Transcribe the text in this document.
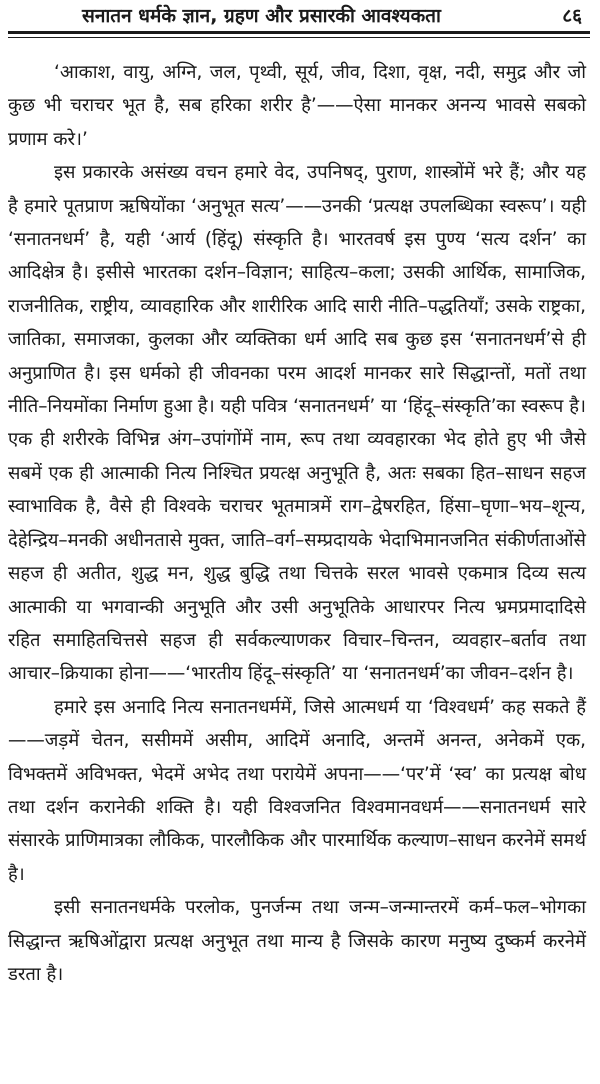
सनातन धर्मके ज्ञान, ग्रहण और प्रसारकी आवश्यकता	८६

‘आकाश, वायु, अग्नि, जल, पृथ्वी, सूर्य, जीव, दिशा, वृक्ष, नदी, समुद्र और जो कुछ भी चराचर भूत है, सब हरिका शरीर है’——ऐसा मानकर अनन्य भावसे सबको प्रणाम करे।’

इस प्रकारके असंख्य वचन हमारे वेद, उपनिषद्, पुराण, शास्त्रोंमें भरे हैं; और यह है हमारे पूतप्राण ऋषियोंका ‘अनुभूत सत्य’——उनकी ‘प्रत्यक्ष उपलब्धिका स्वरूप’। यही ‘सनातनधर्म’ है, यही ‘आर्य (हिंदू) संस्कृति है। भारतवर्ष इस पुण्य ‘सत्य दर्शन’ का आदिक्षेत्र है। इसीसे भारतका दर्शन–विज्ञान; साहित्य–कला; उसकी आर्थिक, सामाजिक, राजनीतिक, राष्ट्रीय, व्यावहारिक और शारीरिक आदि सारी नीति–पद्धतियाँ; उसके राष्ट्रका, जातिका, समाजका, कुलका और व्यक्तिका धर्म आदि सब कुछ इस ‘सनातनधर्म’से ही अनुप्राणित है। इस धर्मको ही जीवनका परम आदर्श मानकर सारे सिद्धान्तों, मतों तथा नीति–नियमोंका निर्माण हुआ है। यही पवित्र ‘सनातनधर्म’ या ‘हिंदू–संस्कृति’का स्वरूप है। एक ही शरीरके विभिन्न अंग–उपांगोंमें नाम, रूप तथा व्यवहारका भेद होते हुए भी जैसे सबमें एक ही आत्माकी नित्य निश्चित प्रयत्क्ष अनुभूति है, अतः सबका हित–साधन सहज स्वाभाविक है, वैसे ही विश्वके चराचर भूतमात्रमें राग–द्वेषरहित, हिंसा–घृणा–भय–शून्य, देहेन्द्रिय–मनकी अधीनतासे मुक्त, जाति–वर्ग–सम्प्रदायके भेदाभिमानजनित संकीर्णताओंसे सहज ही अतीत, शुद्ध मन, शुद्ध बुद्धि तथा चित्तके सरल भावसे एकमात्र दिव्य सत्य आत्माकी या भगवान्की अनुभूति और उसी अनुभूतिके आधारपर नित्य भ्रमप्रमादादिसे रहित समाहितचित्तसे सहज ही सर्वकल्याणकर विचार–चिन्तन, व्यवहार–बर्ताव तथा आचार–क्रियाका होना——‘भारतीय हिंदू–संस्कृति’ या ‘सनातनधर्म’का जीवन–दर्शन है।

हमारे इस अनादि नित्य सनातनधर्ममें, जिसे आत्मधर्म या ‘विश्वधर्म’ कह सकते हैं——जड़में चेतन, ससीममें असीम, आदिमें अनादि, अन्तमें अनन्त, अनेकमें एक, विभक्तमें अविभक्त, भेदमें अभेद तथा परायेमें अपना——‘पर’में ‘स्व’ का प्रत्यक्ष बोध तथा दर्शन करानेकी शक्ति है। यही विश्वजनित विश्वमानवधर्म——सनातनधर्म सारे संसारके प्राणिमात्रका लौकिक, पारलौकिक और पारमार्थिक कल्याण–साधन करनेमें समर्थ है।

इसी सनातनधर्मके परलोक, पुनर्जन्म तथा जन्म–जन्मान्तरमें कर्म–फल–भोगका सिद्धान्त ऋषिओंद्वारा प्रत्यक्ष अनुभूत तथा मान्य है जिसके कारण मनुष्य दुष्कर्म करनेमें डरता है।
